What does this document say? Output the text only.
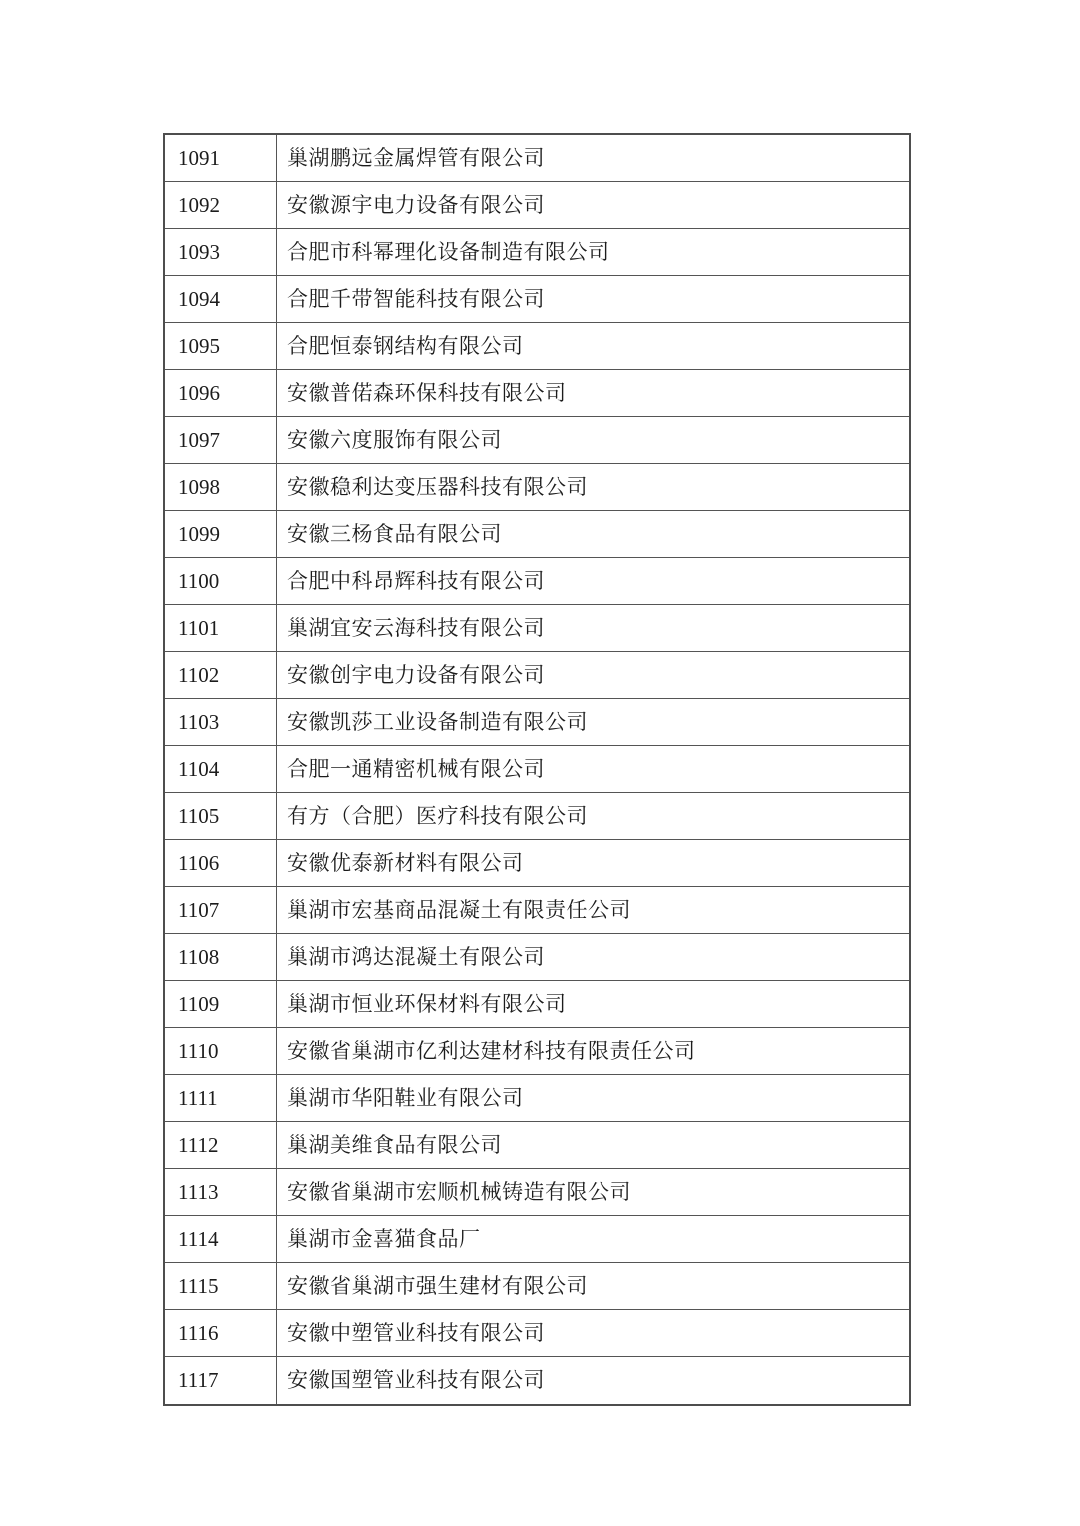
1091	巢湖鹏远金属焊管有限公司
1092	安徽源宇电力设备有限公司
1093	合肥市科幂理化设备制造有限公司
1094	合肥千带智能科技有限公司
1095	合肥恒泰钢结构有限公司
1096	安徽普偌森环保科技有限公司
1097	安徽六度服饰有限公司
1098	安徽稳利达变压器科技有限公司
1099	安徽三杨食品有限公司
1100	合肥中科昂辉科技有限公司
1101	巢湖宜安云海科技有限公司
1102	安徽创宇电力设备有限公司
1103	安徽凯莎工业设备制造有限公司
1104	合肥一通精密机械有限公司
1105	有方（合肥）医疗科技有限公司
1106	安徽优泰新材料有限公司
1107	巢湖市宏基商品混凝土有限责任公司
1108	巢湖市鸿达混凝土有限公司
1109	巢湖市恒业环保材料有限公司
1110	安徽省巢湖市亿利达建材科技有限责任公司
1111	巢湖市华阳鞋业有限公司
1112	巢湖美维食品有限公司
1113	安徽省巢湖市宏顺机械铸造有限公司
1114	巢湖市金喜猫食品厂
1115	安徽省巢湖市强生建材有限公司
1116	安徽中塑管业科技有限公司
1117	安徽国塑管业科技有限公司
